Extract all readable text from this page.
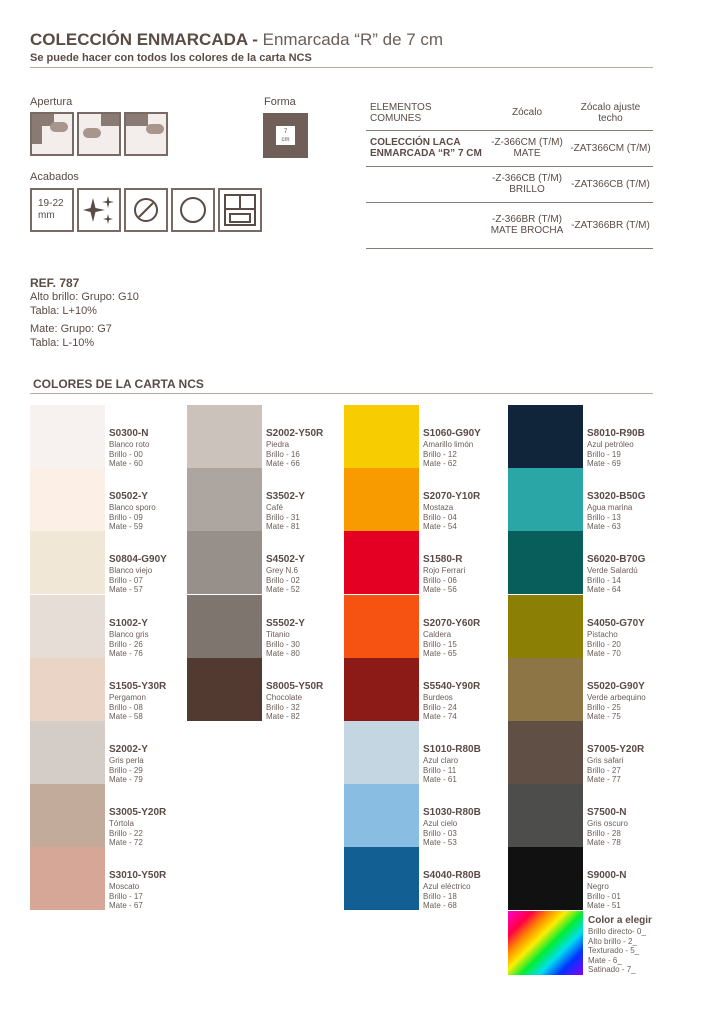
COLECCIÓN ENMARCADA - Enmarcada “R” de 7 cm
Se puede hacer con todos los colores de la carta NCS
Apertura	Forma
7
cm
Acabados
19-22
mm
ELEMENTOS COMUNES	Zócalo	Zócalo ajuste techo
COLECCIÓN LACA ENMARCADA “R” 7 CM	-Z-366CM (T/M) MATE	-ZAT366CM (T/M)
	-Z-366CB (T/M) BRILLO	-ZAT366CB (T/M)
	-Z-366BR (T/M) MATE BROCHA	-ZAT366BR (T/M)
REF. 787
Alto brillo: Grupo: G10
Tabla: L+10%
Mate: Grupo: G7
Tabla: L-10%
COLORES DE LA CARTA NCS
S0300-N
Blanco roto
Brillo - 00
Mate - 60
S0502-Y
Blanco sporo
Brillo - 09
Mate - 59
S0804-G90Y
Blanco viejo
Brillo - 07
Mate - 57
S1002-Y
Blanco gris
Brillo - 26
Mate - 76
S1505-Y30R
Pergamon
Brillo - 08
Mate - 58
S2002-Y
Gris perla
Brillo - 29
Mate - 79
S3005-Y20R
Tórtola
Brillo - 22
Mate - 72
S3010-Y50R
Moscato
Brillo - 17
Mate - 67
S2002-Y50R
Piedra
Brillo - 16
Mate - 66
S3502-Y
Café
Brillo - 31
Mate - 81
S4502-Y
Grey N.6
Brillo - 02
Mate - 52
S5502-Y
Titanio
Brillo - 30
Mate - 80
S8005-Y50R
Chocolate
Brillo - 32
Mate - 82
S1060-G90Y
Amarillo limón
Brillo - 12
Mate - 62
S2070-Y10R
Mostaza
Brillo - 04
Mate - 54
S1580-R
Rojo Ferrari
Brillo - 06
Mate - 56
S2070-Y60R
Caldera
Brillo - 15
Mate - 65
S5540-Y90R
Burdeos
Brillo - 24
Mate - 74
S1010-R80B
Azul claro
Brillo - 11
Mate - 61
S1030-R80B
Azul cielo
Brillo - 03
Mate - 53
S4040-R80B
Azul eléctrico
Brillo - 18
Mate - 68
S8010-R90B
Azul petróleo
Brillo - 19
Mate - 69
S3020-B50G
Agua marina
Brillo - 13
Mate - 63
S6020-B70G
Verde Salardú
Brillo - 14
Mate - 64
S4050-G70Y
Pistacho
Brillo - 20
Mate - 70
S5020-G90Y
Verde arbequino
Brillo - 25
Mate - 75
S7005-Y20R
Gris safari
Brillo - 27
Mate - 77
S7500-N
Gris oscuro
Brillo - 28
Mate - 78
S9000-N
Negro
Brillo - 01
Mate - 51
Color a elegir
Brillo directo- 0_
Alto brillo - 2_
Texturado - 5_
Mate - 6_
Satinado - 7_
